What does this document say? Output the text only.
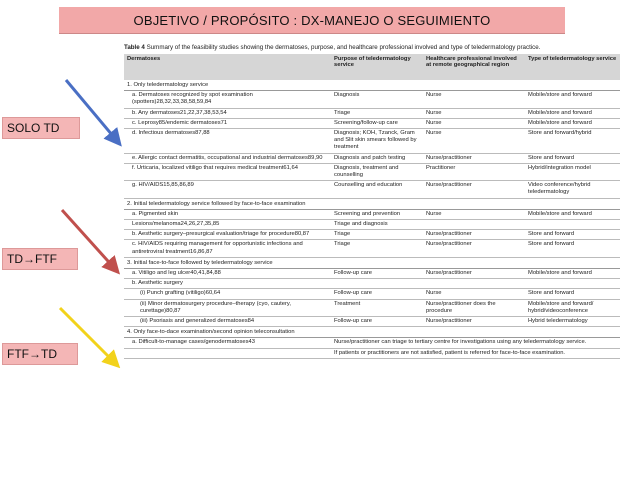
OBJETIVO / PROPÓSITO : DX-MANEJO O SEGUIMIENTO
SOLO TD
TD→FTF
FTF→TD

Table 4 Summary of the feasibility studies showing the dermatoses, purpose, and healthcare professional involved and type of teledermatology practice.

Dermatoses	Purpose of teledermatology service	Healthcare professional involved at remote geographical region	Type of teledermatology service
1. Only teledermatology service			
a. Dermatoses recognized by spot examination (spotters)28,32,33,38,58,59,84	Diagnosis	Nurse	Mobile/store and forward
b. Any dermatoses21,22,37,38,53,54	Triage	Nurse	Mobile/store and forward
c. Leprosy85/endemic dermatoses71	Screening/follow-up care	Nurse	Mobile/store and forward
d. Infectious dermatoses87,88	Diagnosis; KOH, Tzanck, Gram and Slit skin smears followed by treatment	Nurse	Store and forward/hybrid
e. Allergic contact dermatitis, occupational and industrial dermatoses89,90	Diagnosis and patch testing	Nurse/practitioner	Store and forward
f. Urticaria, localized vitiligo that requires medical treatment61,64	Diagnosis, treatment and counselling	Practitioner	Hybrid/integration model
g. HIV/AIDS15,85,86,89	Counselling and education	Nurse/practitioner	Video conference/hybrid teledermatology
2. Initial teledermatology service followed by face-to-face examination			
a. Pigmented skin	Screening and prevention	Nurse	Mobile/store and forward
Lesions/melanoma24,26,27,35,85	Triage and diagnosis		
b. Aesthetic surgery–presurgical evaluation/triage for procedure80,87	Triage	Nurse/practitioner	Store and forward
c. HIV/AIDS requiring management for opportunistic infections and antiretroviral treatment16,86,87	Triage	Nurse/practitioner	Store and forward
3. Initial face-to-face followed by teledermatology service			
a. Vitiligo and leg ulcer40,41,84,88	Follow-up care	Nurse/practitioner	Mobile/store and forward
b. Aesthetic surgery			
(i) Punch grafting (vitiligo)60,64	Follow-up care	Nurse	Store and forward
(ii) Minor dermatosurgery procedure–therapy (cyo, cautery, curettage)80,87	Treatment	Nurse/practitioner does the procedure	Mobile/store and forward/ hybrid/videoconference
(iii) Psoriasis and generalized dermatoses84	Follow-up care	Nurse/practitioner	Hybrid teledermatology
4. Only face-to-dace examination/second opinion teleconsultation			
a. Difficult-to-manage cases/genodermatoses43	Nurse/practitioner can triage to tertiary centre for investigations using any teledermatology service.		
	If patients or practitioners are not satisfied, patient is referred for face-to-face examination.		
